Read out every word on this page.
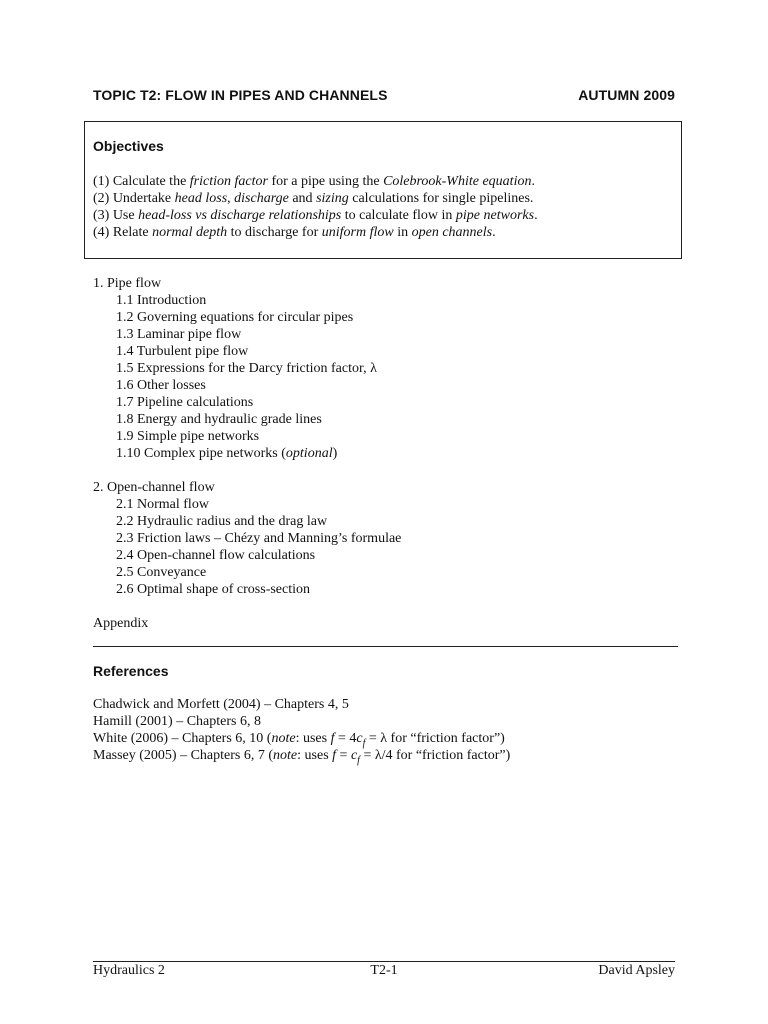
TOPIC T2: FLOW IN PIPES AND CHANNELS	AUTUMN 2009
Objectives
(1) Calculate the friction factor for a pipe using the Colebrook-White equation.
(2) Undertake head loss, discharge and sizing calculations for single pipelines.
(3) Use head-loss vs discharge relationships to calculate flow in pipe networks.
(4) Relate normal depth to discharge for uniform flow in open channels.
1. Pipe flow
1.1 Introduction
1.2 Governing equations for circular pipes
1.3 Laminar pipe flow
1.4 Turbulent pipe flow
1.5 Expressions for the Darcy friction factor, λ
1.6 Other losses
1.7 Pipeline calculations
1.8 Energy and hydraulic grade lines
1.9 Simple pipe networks
1.10 Complex pipe networks (optional)
2. Open-channel flow
2.1 Normal flow
2.2 Hydraulic radius and the drag law
2.3 Friction laws – Chézy and Manning’s formulae
2.4 Open-channel flow calculations
2.5 Conveyance
2.6 Optimal shape of cross-section
Appendix
References
Chadwick and Morfett (2004) – Chapters 4, 5
Hamill (2001) – Chapters 6, 8
White (2006) – Chapters 6, 10 (note: uses $f = 4c_f = \lambda$ for “friction factor”)
Massey (2005) – Chapters 6, 7 (note: uses $f = c_f = \lambda/4$ for “friction factor”)
Hydraulics 2	T2-1	David Apsley
